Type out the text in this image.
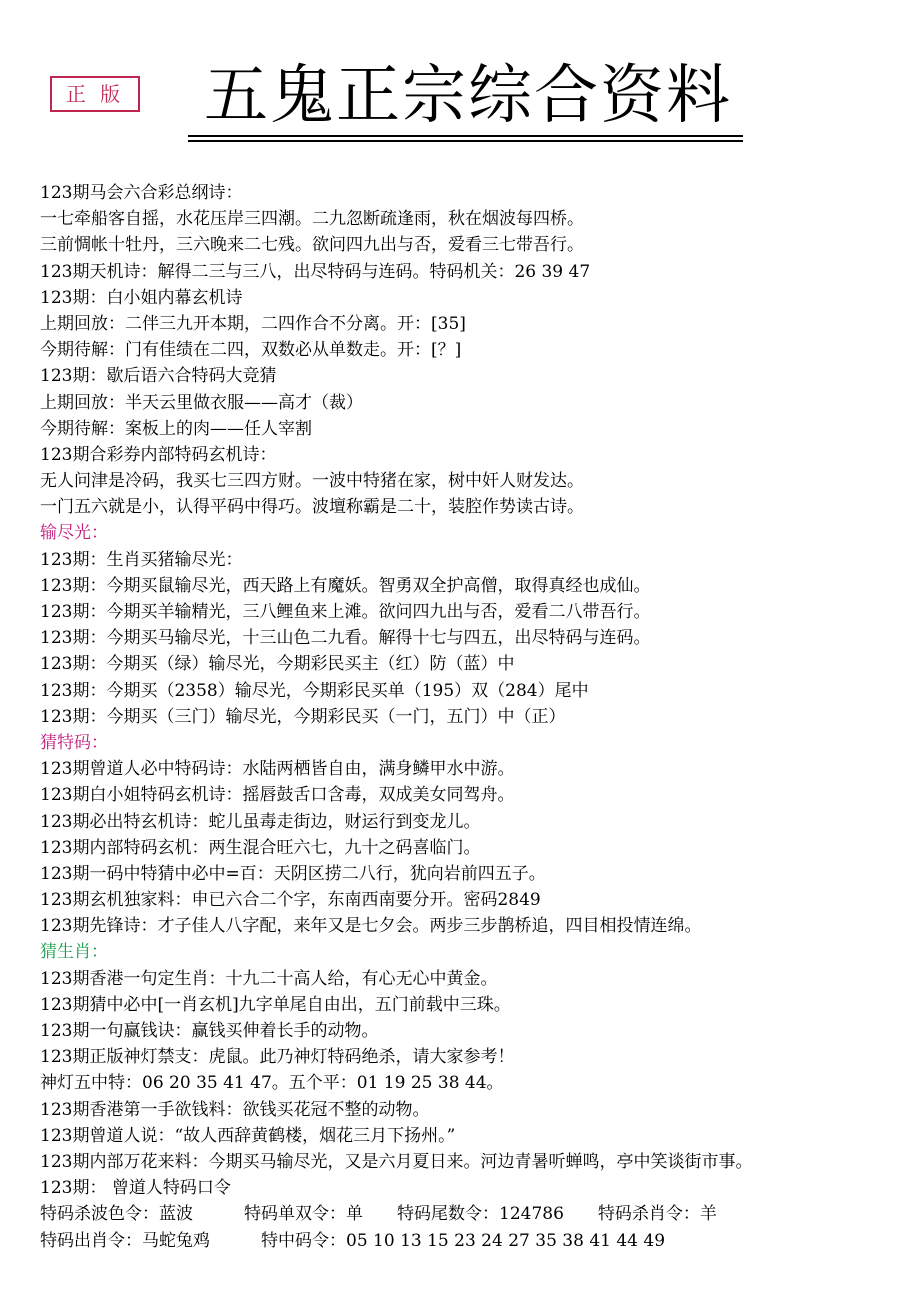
正 版 五鬼正宗综合资料
123期马会六合彩总纲诗：
一七牵船客自摇，水花压岸三四潮。二九忽断疏逢雨，秋在烟波每四桥。
三前惆帐十牡丹，三六晚来二七残。欲问四九出与否，爱看三七带吾行。
123期天机诗：解得二三与三八，出尽特码与连码。特码机关：26 39 47
123期：白小姐内幕玄机诗
上期回放：二伴三九开本期，二四作合不分离。开：[35]
今期待解：门有佳绩在二四，双数必从单数走。开：[？]
123期：歇后语六合特码大竞猜
上期回放：半天云里做衣服——高才（裁）
今期待解：案板上的肉——任人宰割
123期合彩券内部特码玄机诗：
无人问津是冷码，我买七三四方财。一波中特猪在家，树中奸人财发达。
一门五六就是小，认得平码中得巧。波壇称霸是二十，装腔作势读古诗。
输尽光：
123期：生肖买猪输尽光：
123期：今期买鼠输尽光，西天路上有魔妖。智勇双全护高僧，取得真经也成仙。
123期：今期买羊输精光，三八鲤鱼来上滩。欲问四九出与否，爱看二八带吾行。
123期：今期买马输尽光，十三山色二九看。解得十七与四五，出尽特码与连码。
123期：今期买（绿）输尽光，今期彩民买主（红）防（蓝）中
123期：今期买（2358）输尽光，今期彩民买单（195）双（284）尾中
123期：今期买（三门）输尽光，今期彩民买（一门，五门）中（正）
猜特码：
123期曾道人必中特码诗：水陆两栖皆自由，满身鳞甲水中游。
123期白小姐特码玄机诗：摇唇鼓舌口含毒，双成美女同驾舟。
123期必出特玄机诗：蛇儿虽毒走街边，财运行到变龙儿。
123期内部特码玄机：两生混合旺六七，九十之码喜临门。
123期一码中特猜中必中=百：天阴区捞二八行，犹向岩前四五子。
123期玄机独家料：申已六合二个字，东南西南要分开。密码2849
123期先锋诗：才子佳人八字配，来年又是七夕会。两步三步鹊桥追，四目相投情连绵。
猜生肖：
123期香港一句定生肖：十九二十高人给，有心无心中黄金。
123期猜中必中[一肖玄机]九字单尾自由出，五门前载中三珠。
123期一句赢钱诀：赢钱买伸着长手的动物。
123期正版神灯禁支：虎鼠。此乃神灯特码绝杀，请大家参考！
神灯五中特：06 20 35 41 47。五个平：01 19 25 38 44。
123期香港第一手欲钱料：欲钱买花冠不整的动物。
123期曾道人说：“故人西辞黄鹤楼，烟花三月下扬州。”
123期内部万花来料：今期买马输尽光，又是六月夏日来。河边青暑听蝉鸣，亭中笑谈街市事。
123期： 曾道人特码口令
特码杀波色令：蓝波　　　特码单双令：单　　特码尾数令：124786　　特码杀肖令：羊
特码出肖令：马蛇兔鸡　　　特中码令：05 10 13 15 23 24 27 35 38 41 44 49
